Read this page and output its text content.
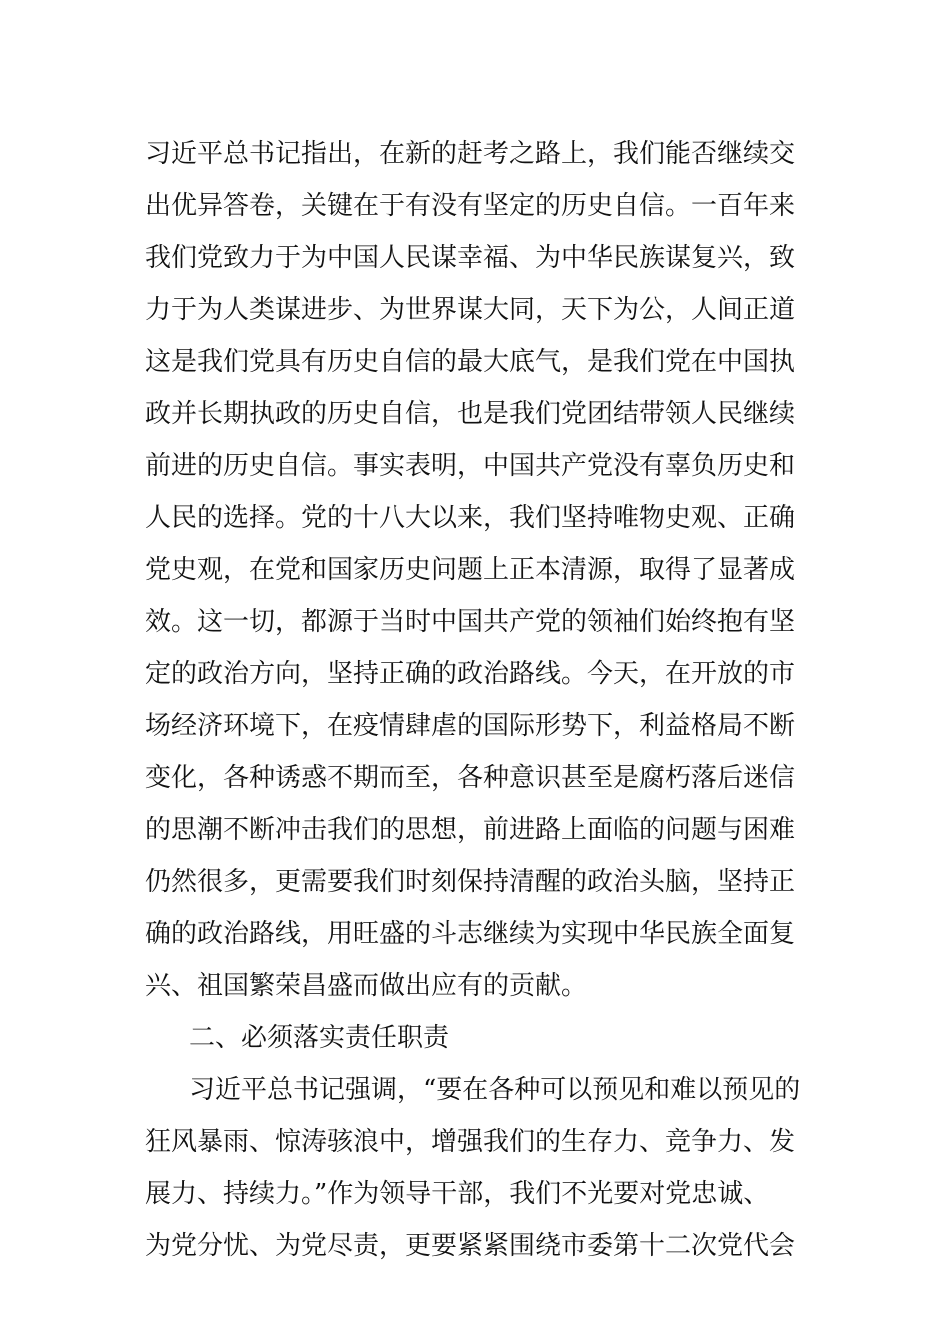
习近平总书记指出，在新的赶考之路上，我们能否继续交
出优异答卷，关键在于有没有坚定的历史自信。一百年来
我们党致力于为中国人民谋幸福、为中华民族谋复兴，致
力于为人类谋进步、为世界谋大同，天下为公，人间正道
这是我们党具有历史自信的最大底气，是我们党在中国执
政并长期执政的历史自信，也是我们党团结带领人民继续
前进的历史自信。事实表明，中国共产党没有辜负历史和
人民的选择。党的十八大以来，我们坚持唯物史观、正确
党史观，在党和国家历史问题上正本清源，取得了显著成
效。这一切，都源于当时中国共产党的领袖们始终抱有坚
定的政治方向，坚持正确的政治路线。今天，在开放的市
场经济环境下，在疫情肆虐的国际形势下，利益格局不断
变化，各种诱惑不期而至，各种意识甚至是腐朽落后迷信
的思潮不断冲击我们的思想，前进路上面临的问题与困难
仍然很多，更需要我们时刻保持清醒的政治头脑，坚持正
确的政治路线，用旺盛的斗志继续为实现中华民族全面复
兴、祖国繁荣昌盛而做出应有的贡献。
二、必须落实责任职责
习近平总书记强调，“要在各种可以预见和难以预见的
狂风暴雨、惊涛骇浪中，增强我们的生存力、竞争力、发
展力、持续力。”作为领导干部，我们不光要对党忠诚、
为党分忧、为党尽责，更要紧紧围绕市委第十二次党代会
